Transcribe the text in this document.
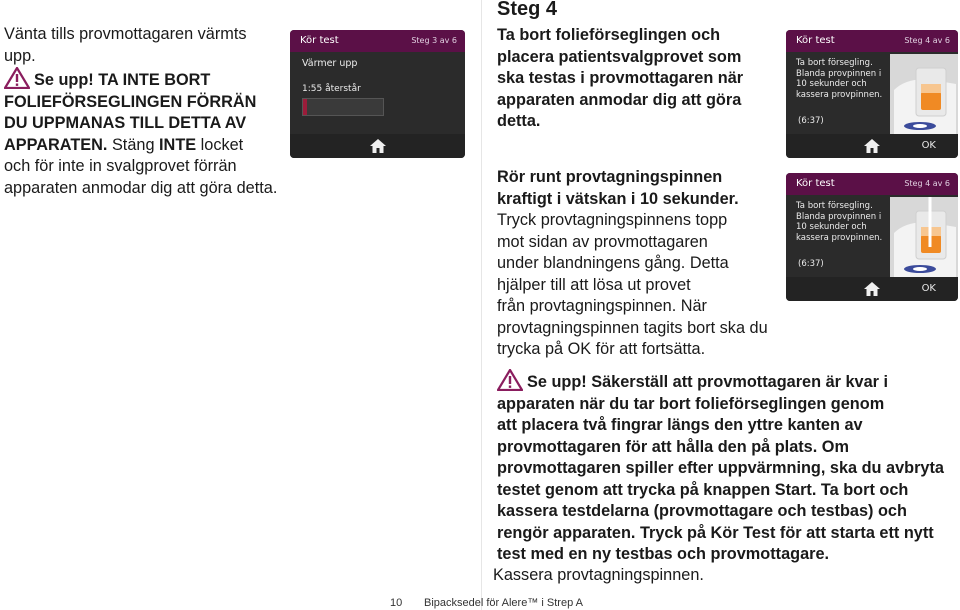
Vänta tills provmottagaren värmts
upp.
Se upp! TA INTE BORT
FOLIEFÖRSEGLINGEN FÖRRÄN
DU UPPMANAS TILL DETTA AV
APPARATEN. Stäng INTE locket
och för inte in svalgprovet förrän
apparaten anmodar dig att göra detta.
Kör test	Steg 3 av 6
Värmer upp
1:55 återstår
Steg 4
Ta bort folieförseglingen och
placera patientsvalgprovet som
ska testas i provmottagaren när
apparaten anmodar dig att göra
detta.
Kör test	Steg 4 av 6
Ta bort försegling.
Blanda provpinnen i
10 sekunder och
kassera provpinnen.
(6:37)
OK
Rör runt provtagningspinnen
kraftigt i vätskan i 10 sekunder.
Tryck provtagningspinnens topp
mot sidan av provmottagaren
under blandningens gång. Detta
hjälper till att lösa ut provet
från provtagningspinnen. När
provtagningspinnen tagits bort ska du
trycka på OK för att fortsätta.
Kör test	Steg 4 av 6
Ta bort försegling.
Blanda provpinnen i
10 sekunder och
kassera provpinnen.
(6:37)
OK
Se upp! Säkerställ att provmottagaren är kvar i
apparaten när du tar bort folieförseglingen genom
att placera två fingrar längs den yttre kanten av
provmottagaren för att hålla den på plats. Om
provmottagaren spiller efter uppvärmning, ska du avbryta
testet genom att trycka på knappen Start. Ta bort och
kassera testdelarna (provmottagare och testbas) och
rengör apparaten. Tryck på Kör Test för att starta ett nytt
test med en ny testbas och provmottagare.
Kassera provtagningspinnen.
10 Bipacksedel för Alere™ i Strep A
